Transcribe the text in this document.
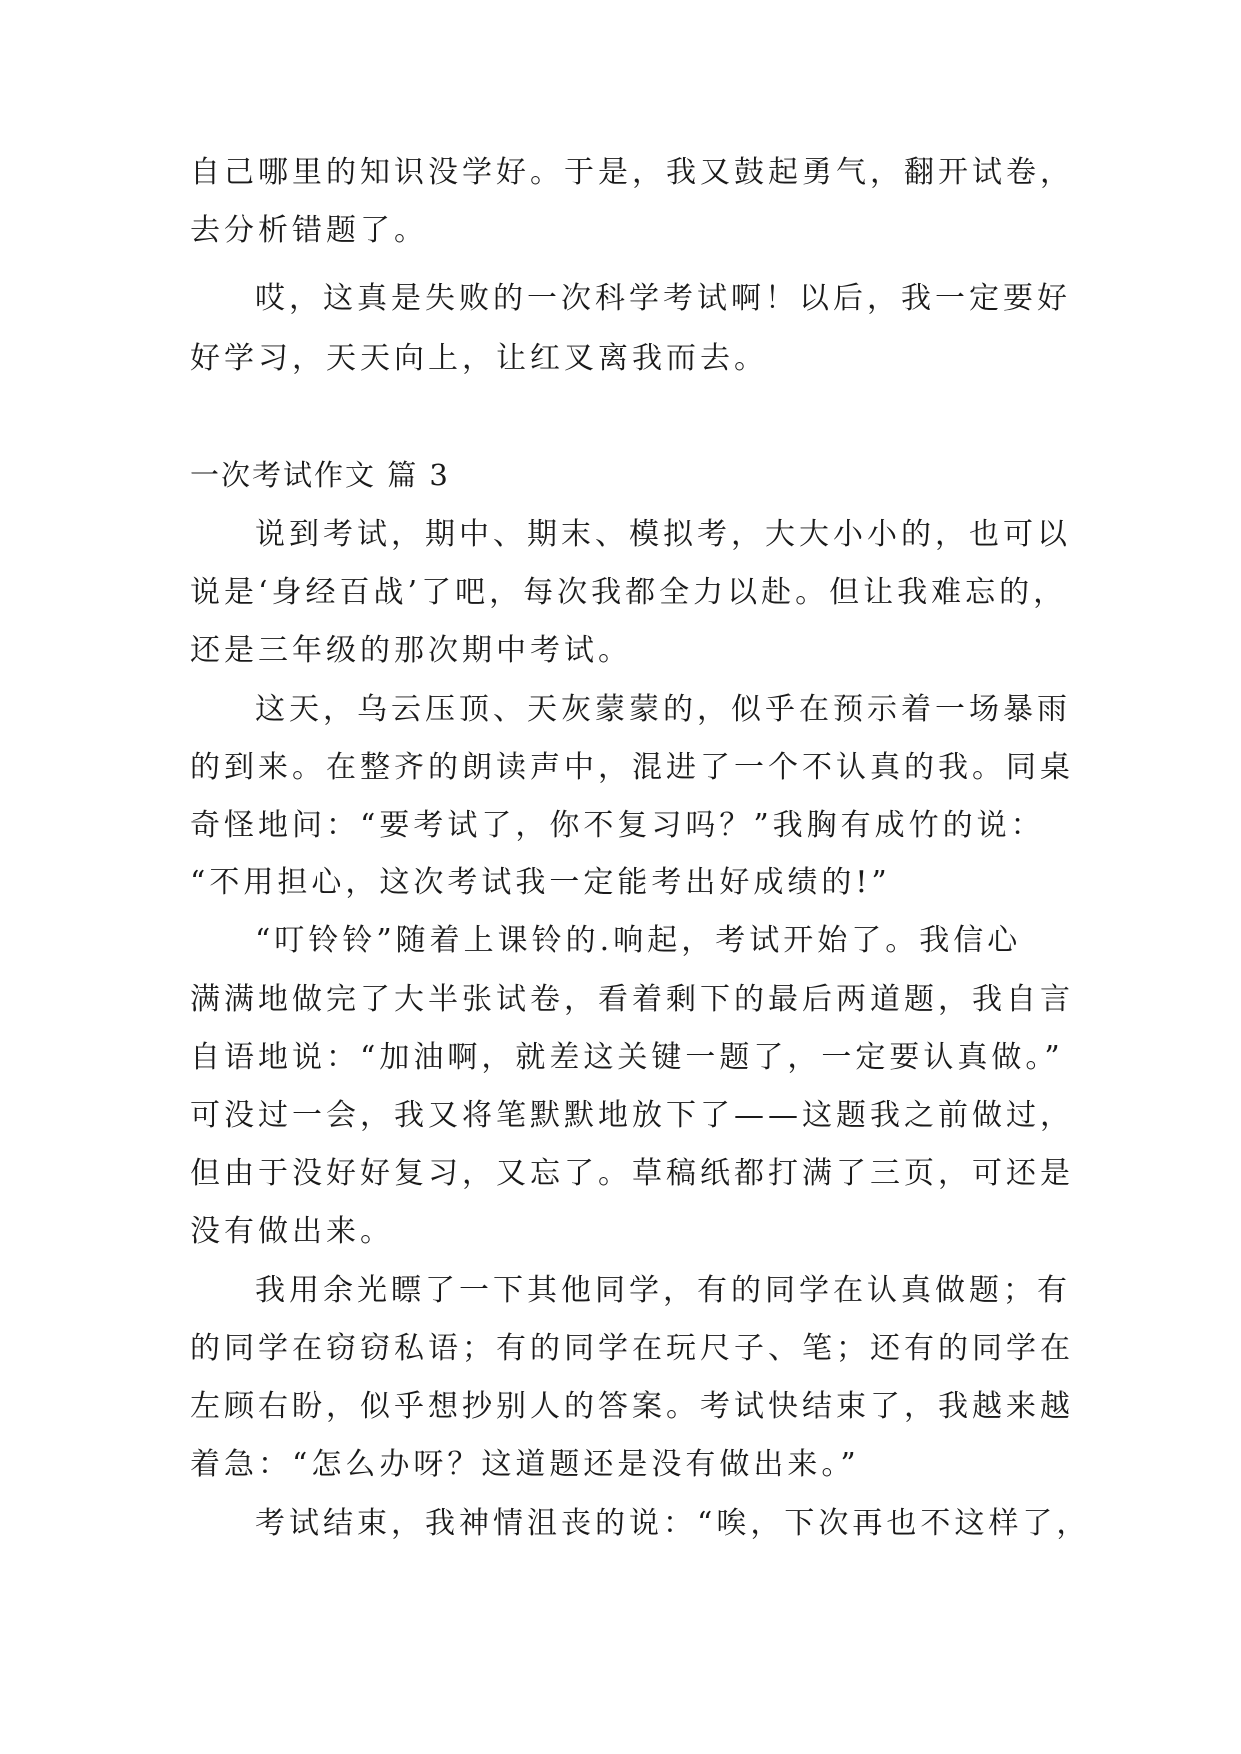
自己哪里的知识没学好。于是，我又鼓起勇气，翻开试卷，
去分析错题了。
哎，这真是失败的一次科学考试啊！以后，我一定要好
好学习，天天向上，让红叉离我而去。
一次考试作文 篇 3
说到考试，期中、期末、模拟考，大大小小的，也可以
说是‘身经百战’了吧，每次我都全力以赴。但让我难忘的，
还是三年级的那次期中考试。
这天，乌云压顶、天灰蒙蒙的，似乎在预示着一场暴雨
的到来。在整齐的朗读声中，混进了一个不认真的我。同桌
奇怪地问：“要考试了，你不复习吗？”我胸有成竹的说：
“不用担心，这次考试我一定能考出好成绩的!”
“叮铃铃”随着上课铃的.响起，考试开始了。我信心
满满地做完了大半张试卷，看着剩下的最后两道题，我自言
自语地说：“加油啊，就差这关键一题了，一定要认真做。”
可没过一会，我又将笔默默地放下了——这题我之前做过，
但由于没好好复习，又忘了。草稿纸都打满了三页，可还是
没有做出来。
我用余光瞟了一下其他同学，有的同学在认真做题；有
的同学在窃窃私语；有的同学在玩尺子、笔；还有的同学在
左顾右盼，似乎想抄别人的答案。考试快结束了，我越来越
着急：“怎么办呀？这道题还是没有做出来。”
考试结束，我神情沮丧的说：“唉，下次再也不这样了，
